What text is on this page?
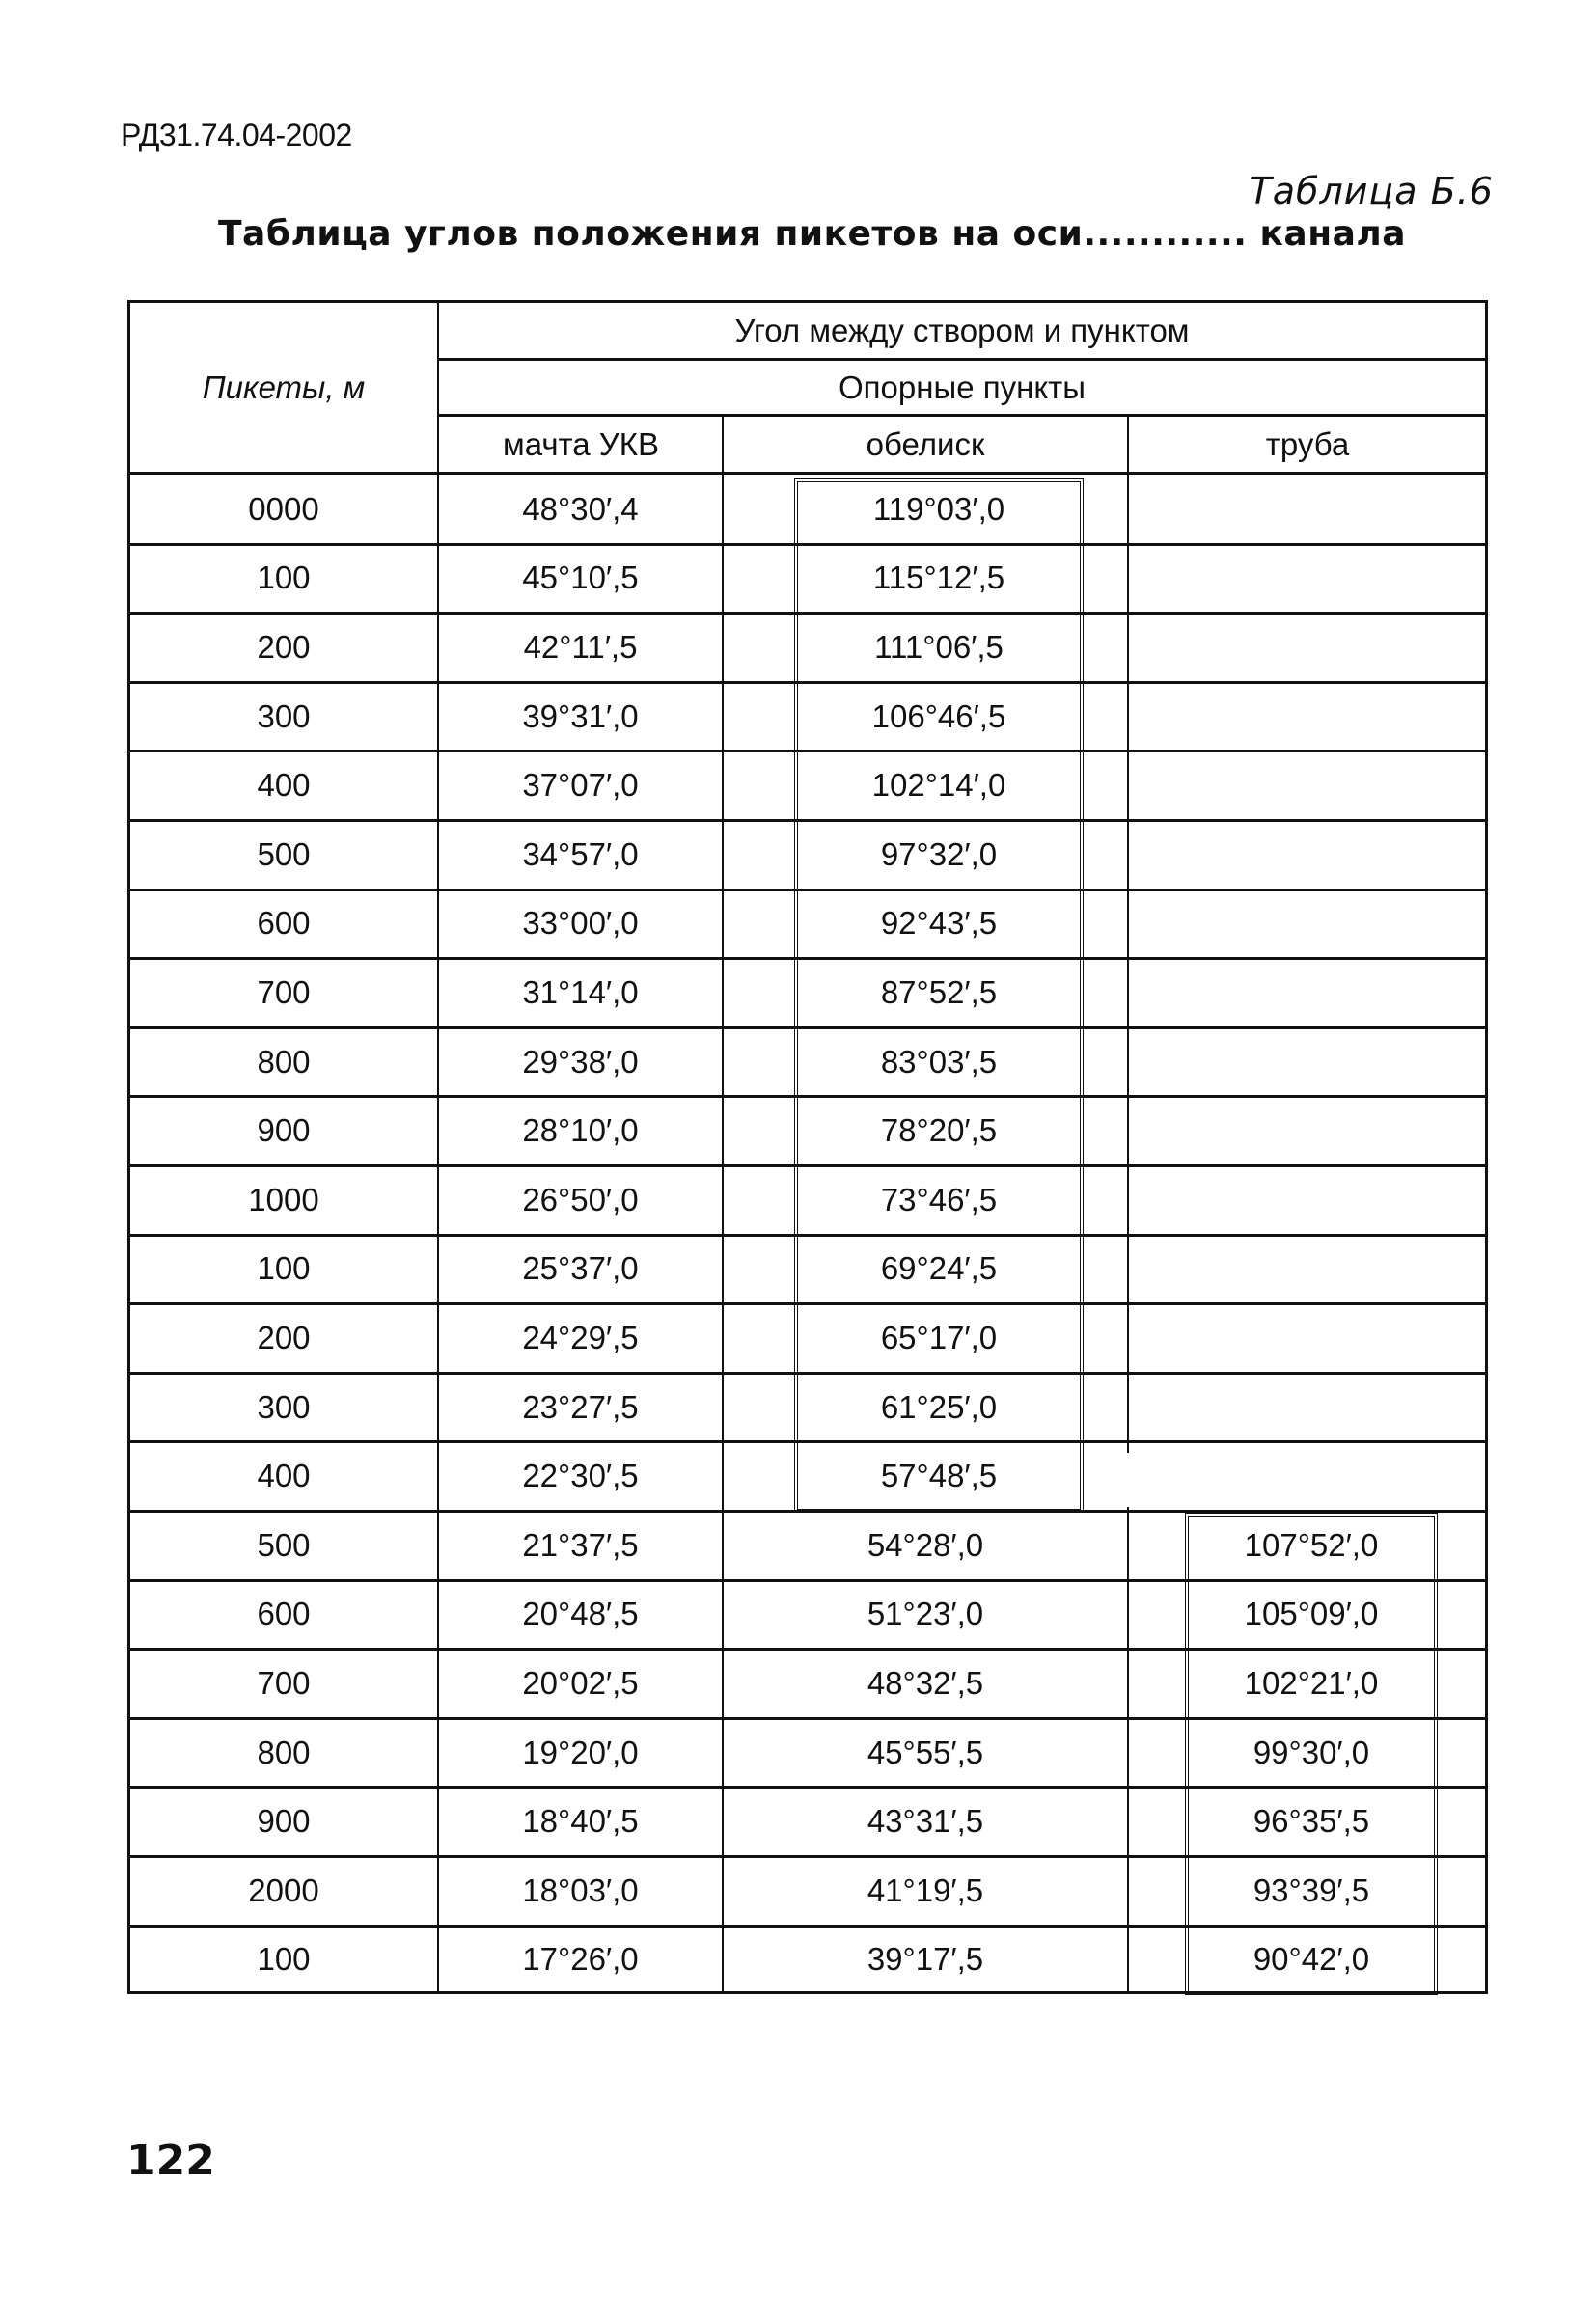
РД31.74.04-2002
Таблица Б.6
Таблица углов положения пикетов на оси............ канала
Пикеты, м
Угол между створом и пунктом
Опорные пункты
мачта УКВ	обелиск	труба
0000	48°30′,4	119°03′,0
100	45°10′,5	115°12′,5
200	42°11′,5	111°06′,5
300	39°31′,0	106°46′,5
400	37°07′,0	102°14′,0
500	34°57′,0	97°32′,0
600	33°00′,0	92°43′,5
700	31°14′,0	87°52′,5
800	29°38′,0	83°03′,5
900	28°10′,0	78°20′,5
1000	26°50′,0	73°46′,5
100	25°37′,0	69°24′,5
200	24°29′,5	65°17′,0
300	23°27′,5	61°25′,0
400	22°30′,5	57°48′,5
500	21°37′,5	54°28′,0	107°52′,0
600	20°48′,5	51°23′,0	105°09′,0
700	20°02′,5	48°32′,5	102°21′,0
800	19°20′,0	45°55′,5	99°30′,0
900	18°40′,5	43°31′,5	96°35′,5
2000	18°03′,0	41°19′,5	93°39′,5
100	17°26′,0	39°17′,5	90°42′,0
122
